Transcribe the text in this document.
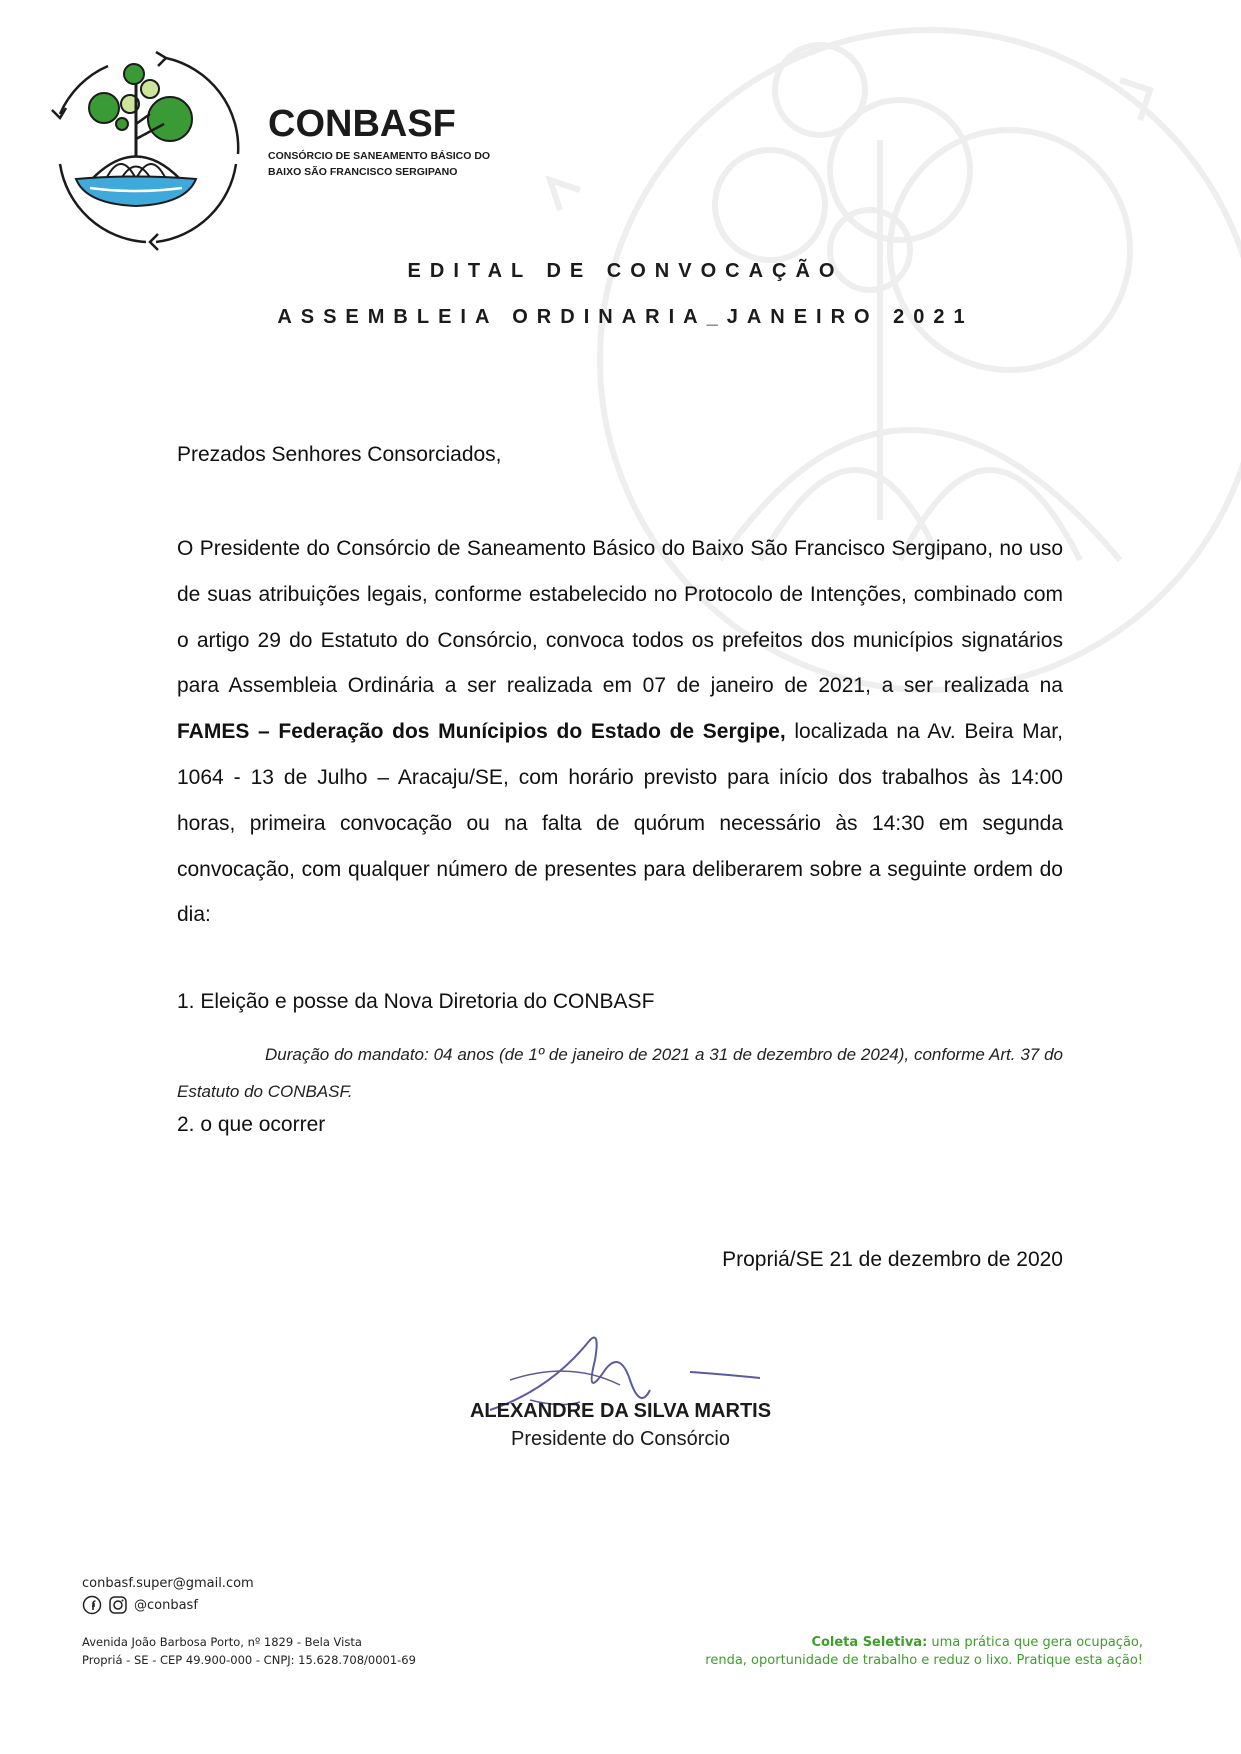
CONBASF
CONSÓRCIO DE SANEAMENTO BÁSICO DO
BAIXO SÃO FRANCISCO SERGIPANO
EDITAL DE CONVOCAÇÃO
ASSEMBLEIA ORDINARIA_JANEIRO 2021
Prezados Senhores Consorciados,
O Presidente do Consórcio de Saneamento Básico do Baixo São Francisco Sergipano, no uso de suas atribuições legais, conforme estabelecido no Protocolo de Intenções, combinado com o artigo 29 do Estatuto do Consórcio, convoca todos os prefeitos dos municípios signatários para Assembleia Ordinária a ser realizada em 07 de janeiro de 2021, a ser realizada na FAMES – Federação dos Munícipios do Estado de Sergipe, localizada na Av. Beira Mar, 1064 - 13 de Julho – Aracaju/SE, com horário previsto para início dos trabalhos às 14:00 horas, primeira convocação ou na falta de quórum necessário às 14:30 em segunda convocação, com qualquer número de presentes para deliberarem sobre a seguinte ordem do dia:
1. Eleição e posse da Nova Diretoria do CONBASF
Duração do mandato: 04 anos (de 1º de janeiro de 2021 a 31 de dezembro de 2024), conforme Art. 37 do Estatuto do CONBASF.
2. o que ocorrer
Propriá/SE 21 de dezembro de 2020
ALEXANDRE DA SILVA MARTIS
Presidente do Consórcio
conbasf.super@gmail.com
@conbasf
Avenida João Barbosa Porto, nº 1829 - Bela Vista
Propriá - SE - CEP 49.900-000 - CNPJ: 15.628.708/0001-69
Coleta Seletiva: uma prática que gera ocupação,
renda, oportunidade de trabalho e reduz o lixo. Pratique esta ação!
